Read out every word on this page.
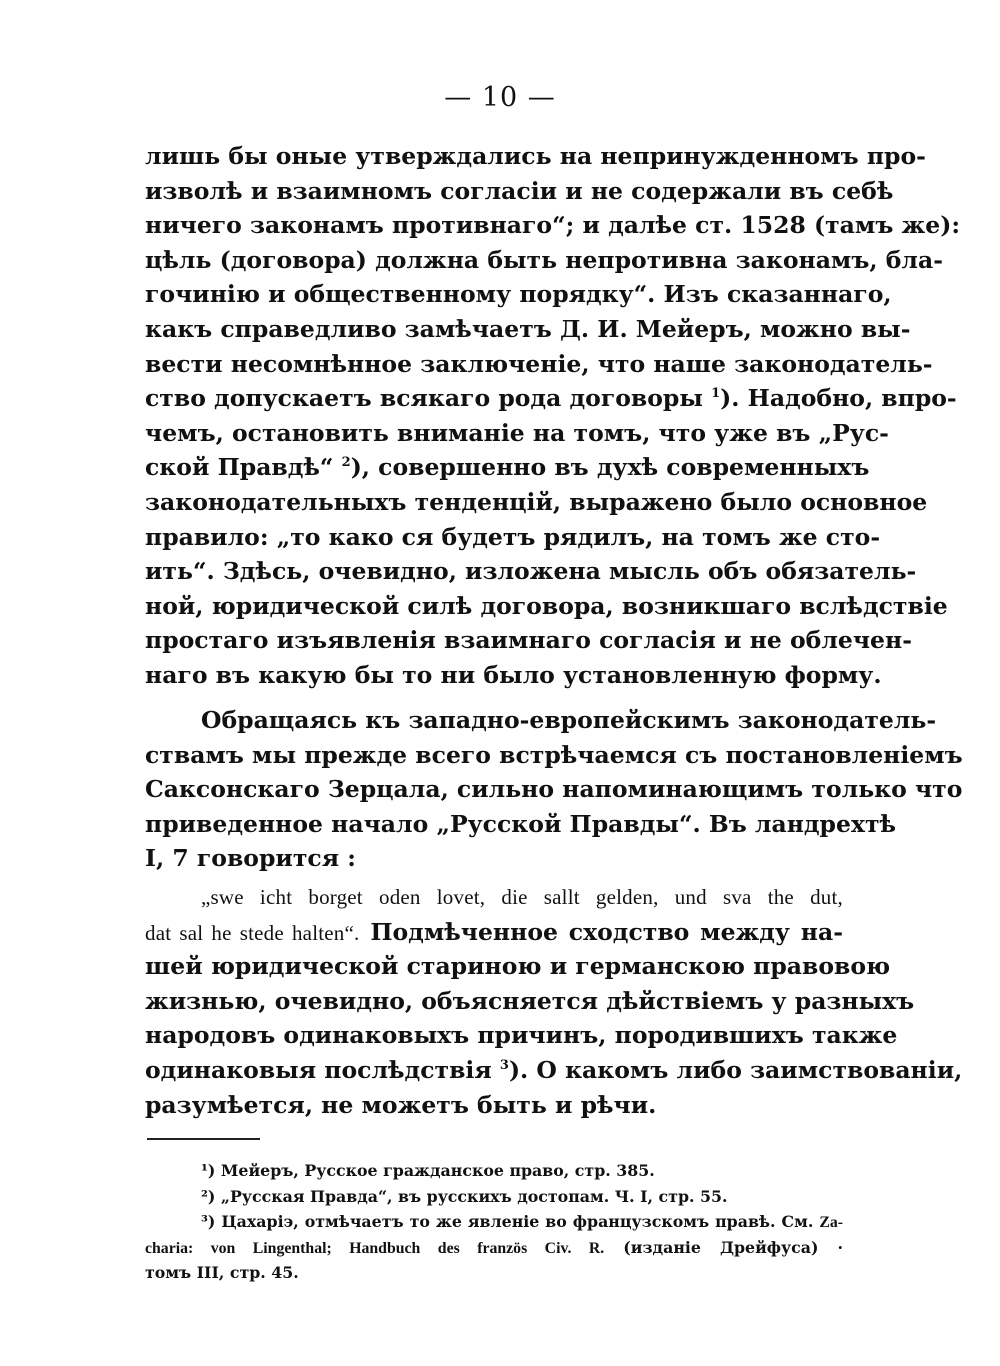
— 10 —
лишь бы оные утверждались на непринужденномъ про-
изволѣ и взаимномъ согласіи и не содержали въ себѣ
ничего законамъ противнаго“; и далѣе ст. 1528 (тамъ же):
цѣль (договора) должна быть непротивна законамъ, бла-
гочинію и общественному порядку“. Изъ сказаннаго,
какъ справедливо замѣчаетъ Д. И. Мейеръ, можно вы-
вести несомнѣнное заключеніе, что наше законодатель-
ство допускаетъ всякаго рода договоры $^1$). Надобно, впро-
чемъ, остановить вниманіе на томъ, что уже въ „Рус-
ской Правдѣ“ $^2$), совершенно въ духѣ современныхъ
законодательныхъ тенденцій, выражено было основное
правило: „то како ся будетъ рядилъ, на томъ же сто-
ить“. Здѣсь, очевидно, изложена мысль объ обязатель-
ной, юридической силѣ договора, возникшаго вслѣдствіе
простаго изъявленія взаимнаго согласія и не облечен-
наго въ какую бы то ни было установленную форму.
Обращаясь къ западно-европейскимъ законодатель-
ствамъ мы прежде всего встрѣчаемся съ постановленіемъ
Саксонскаго Зерцала, сильно напоминающимъ только что
приведенное начало „Русской Правды“. Въ ландрехтѣ
I, 7 говорится :
„swe icht borget oden lovet, die sallt gelden, und sva the dut,
dat sal he stede halten“. Подмѣченное сходство между на-
шей юридической стариною и германскою правовою
жизнью, очевидно, объясняется дѣйствіемъ у разныхъ
народовъ одинаковыхъ причинъ, породившихъ также
одинаковыя послѣдствія $^3$). О какомъ либо заимствованіи,
разумѣется, не можетъ быть и рѣчи.
¹) Мейеръ, Русское гражданское право, стр. 385.
²) „Русская Правда“, въ русскихъ достопам. Ч. I, стр. 55.
³) Цахаріэ, отмѣчаетъ то же явленіе во французскомъ правѣ. См. Za-
charia: von Lingenthal; Handbuch des französ Civ. R. (изданіе Дрейфуса) ·
томъ III, стр. 45.
